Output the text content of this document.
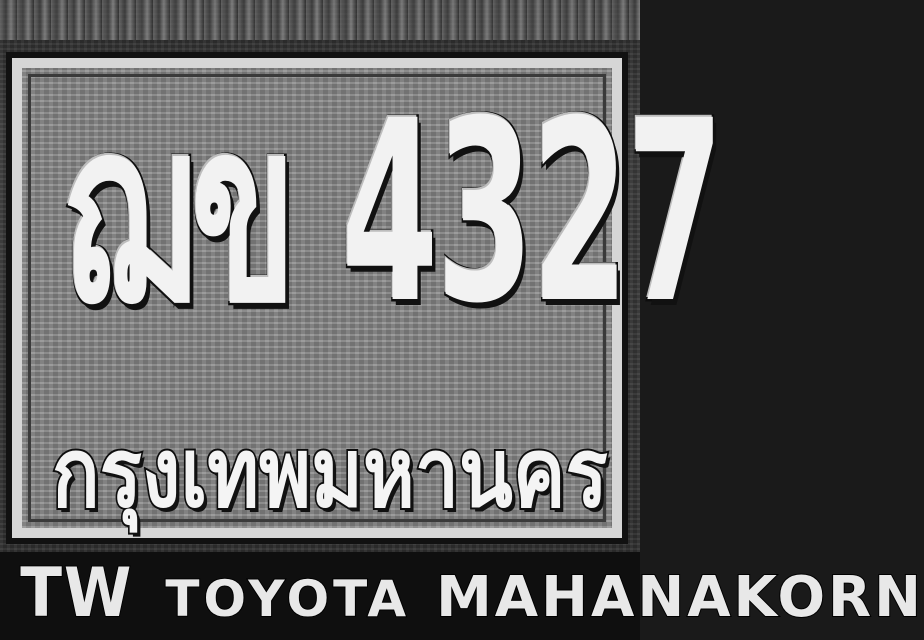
ฌข 4327
กรุงเทพมหานคร
TW TOYOTA MAHANAKORN
